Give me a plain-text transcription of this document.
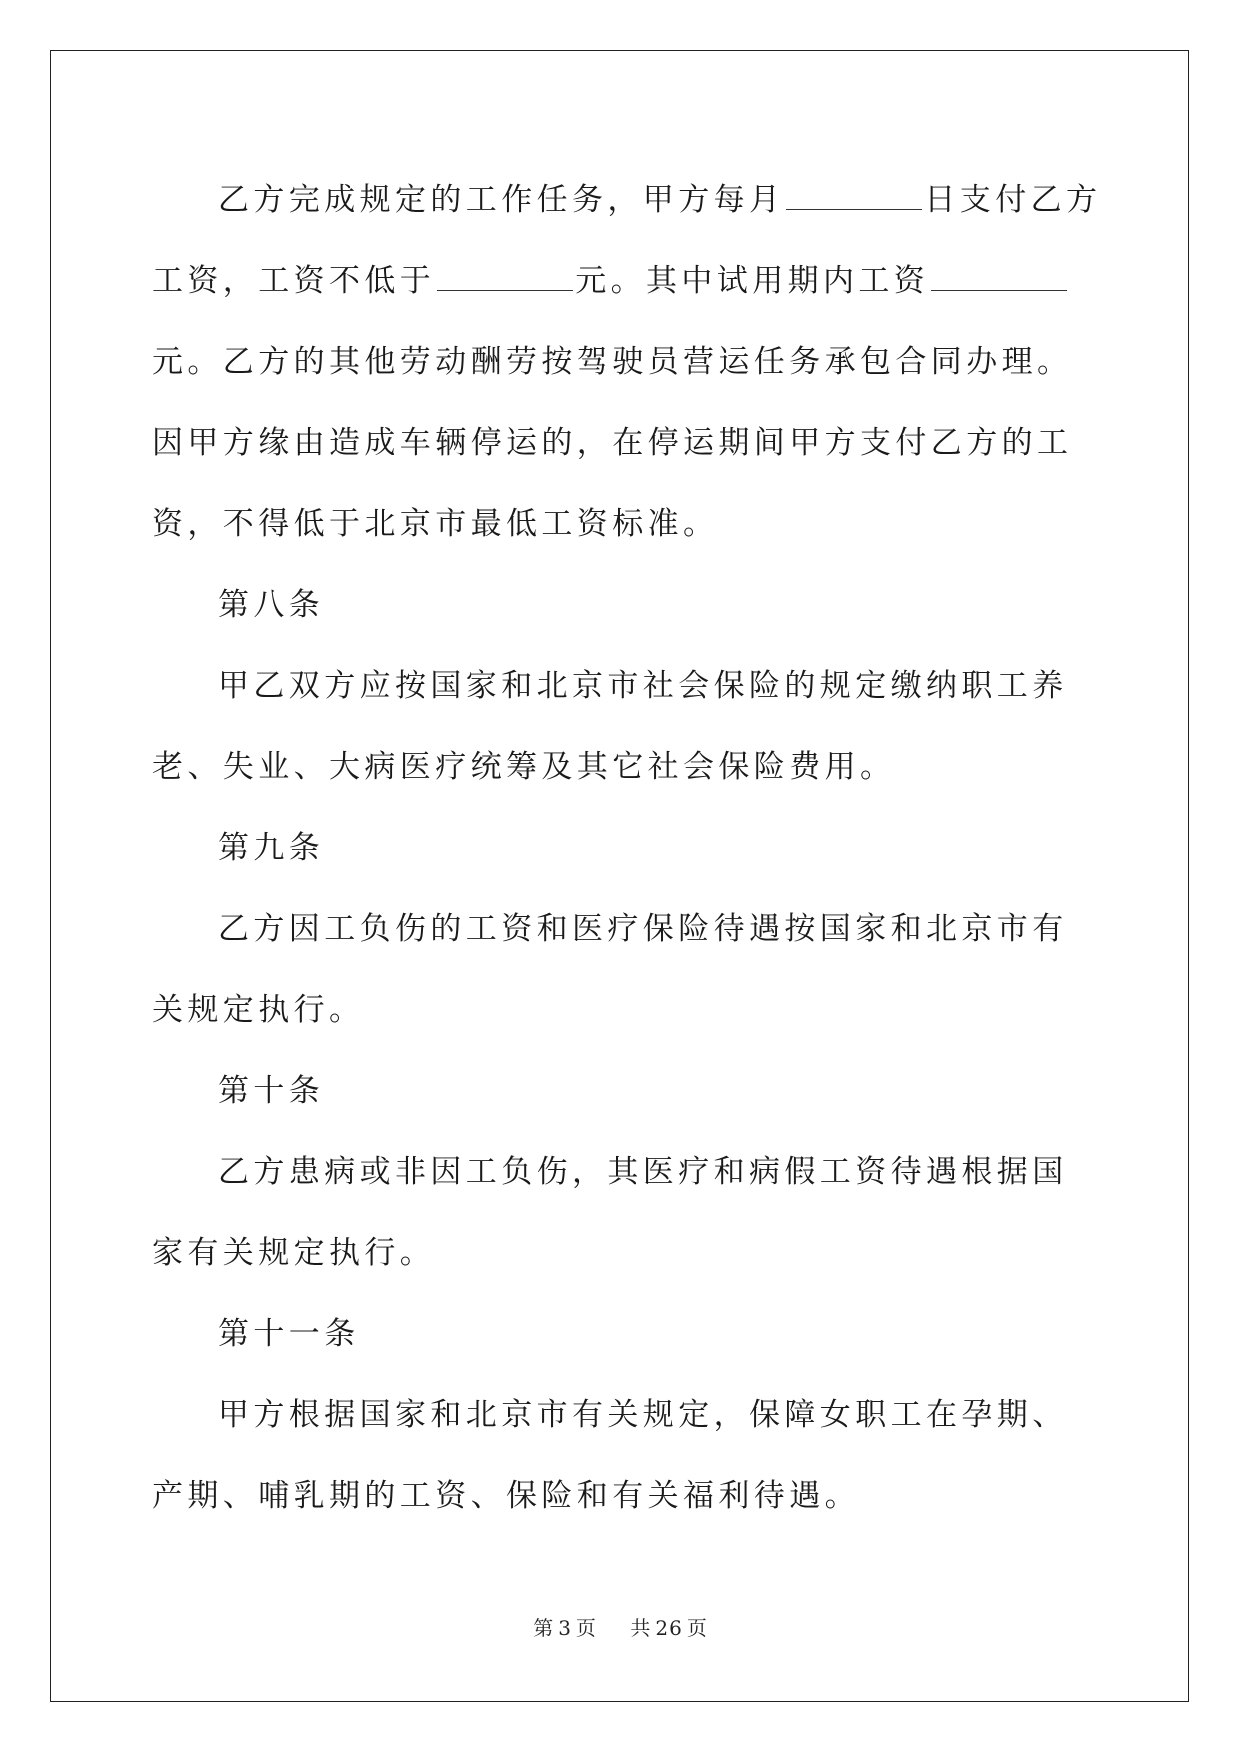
乙方完成规定的工作任务，甲方每月	日支付乙方工资，工资不低于	元。其中试用期内工资元。乙方的其他劳动酬劳按驾驶员营运任务承包合同办理。因甲方缘由造成车辆停运的，在停运期间甲方支付乙方的工资，不得低于北京市最低工资标准。

第八条

甲乙双方应按国家和北京市社会保险的规定缴纳职工养老、失业、大病医疗统筹及其它社会保险费用。

第九条

乙方因工负伤的工资和医疗保险待遇按国家和北京市有关规定执行。

第十条

乙方患病或非因工负伤，其医疗和病假工资待遇根据国家有关规定执行。

第十一条

甲方根据国家和北京市有关规定，保障女职工在孕期、产期、哺乳期的工资、保险和有关福利待遇。

第 3 页 共 26 页
